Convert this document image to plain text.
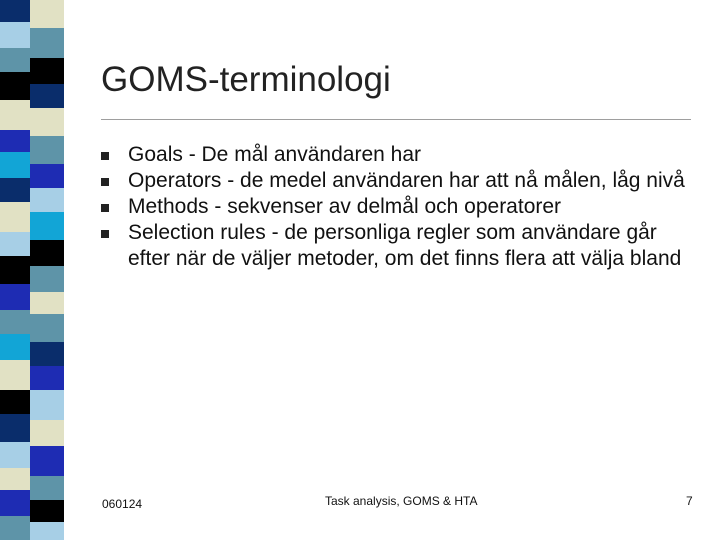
GOMS-terminologi
Goals - De mål användaren har
Operators - de medel användaren har att nå målen, låg nivå
Methods - sekvenser av delmål och operatorer
Selection rules - de personliga regler som användare går efter när de väljer metoder, om det finns flera att välja bland
060124	Task analysis, GOMS & HTA	7
